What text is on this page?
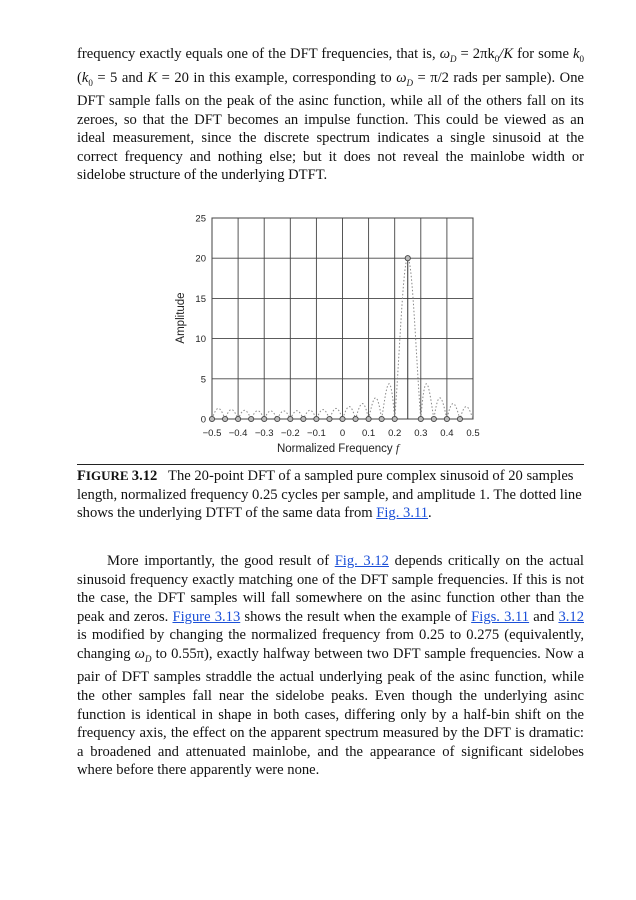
frequency exactly equals one of the DFT frequencies, that is, $\omega_D = 2\pi k_0/K$ for some $k_0$ ($k_0 = 5$ and K = 20 in this example, corresponding to $\omega_D = \pi/2$ rads per sample). One DFT sample falls on the peak of the asinc function, while all of the others fall on its zeroes, so that the DFT becomes an impulse function. This could be viewed as an ideal measurement, since the discrete spectrum indicates a single sinusoid at the correct frequency and nothing else; but it does not reveal the mainlobe width or sidelobe structure of the underlying DTFT.

−0.5 −0.4 −0.3 −0.2 −0.1 0 0.1 0.2 0.3 0.4 0.5
0
5
10
15
20
25
Amplitude
Normalized Frequency f

FIGURE 3.12 The 20-point DFT of a sampled pure complex sinusoid of 20 samples length, normalized frequency 0.25 cycles per sample, and amplitude 1. The dotted line shows the underlying DTFT of the same data from Fig. 3.11.

More importantly, the good result of Fig. 3.12 depends critically on the actual sinusoid frequency exactly matching one of the DFT sample frequencies. If this is not the case, the DFT samples will fall somewhere on the asinc function other than the peak and zeros. Figure 3.13 shows the result when the example of Figs. 3.11 and 3.12 is modified by changing the normalized frequency from 0.25 to 0.275 (equivalently, changing $\omega_D$ to 0.55π), exactly halfway between two DFT sample frequencies. Now a pair of DFT samples straddle the actual underlying peak of the asinc function, while the other samples fall near the sidelobe peaks. Even though the underlying asinc function is identical in shape in both cases, differing only by a half-bin shift on the frequency axis, the effect on the apparent spectrum measured by the DFT is dramatic: a broadened and attenuated mainlobe, and the appearance of significant sidelobes where before there apparently were none.
